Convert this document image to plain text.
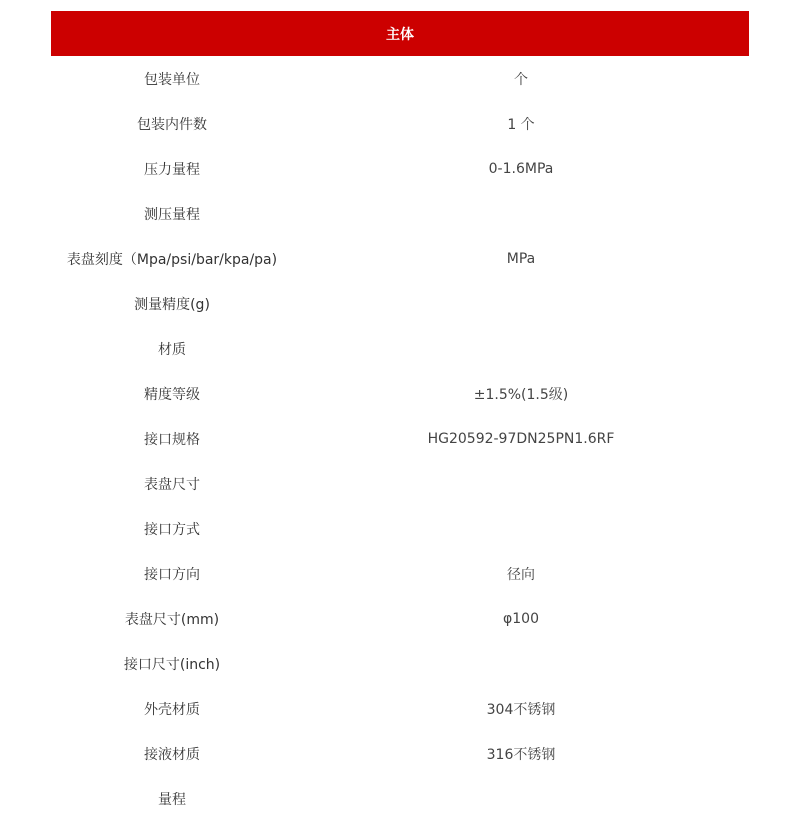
主体
包装单位	个
包装内件数	1 个
压力量程	0-1.6MPa
测压量程
表盘刻度（Mpa/psi/bar/kpa/pa)	MPa
测量精度(g)
材质
精度等级	±1.5%(1.5级)
接口规格	HG20592-97DN25PN1.6RF
表盘尺寸
接口方式
接口方向	径向
表盘尺寸(mm)	φ100
接口尺寸(inch)
外壳材质	304不锈钢
接液材质	316不锈钢
量程
